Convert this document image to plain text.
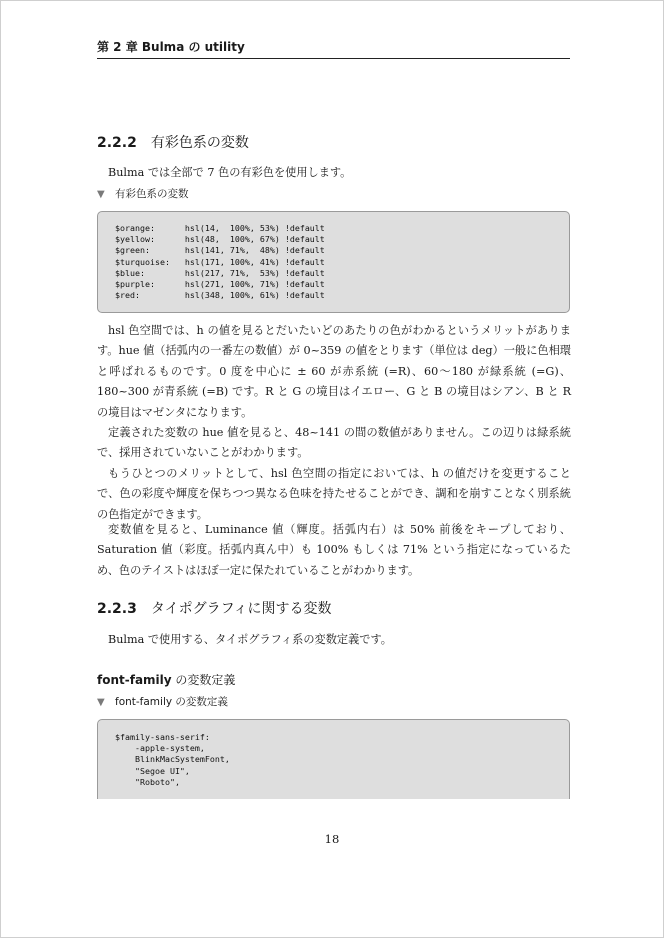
第 2 章 Bulma の utility
2.2.2 有彩色系の変数

Bulma では全部で 7 色の有彩色を使用します。

▼ 有彩色系の変数
$orange:      hsl(14,  100%, 53%) !default
$yellow:      hsl(48,  100%, 67%) !default
$green:       hsl(141, 71%,  48%) !default
$turquoise:   hsl(171, 100%, 41%) !default
$blue:        hsl(217, 71%,  53%) !default
$purple:      hsl(271, 100%, 71%) !default
$red:         hsl(348, 100%, 61%) !default

hsl 色空間では、h の値を見るとだいたいどのあたりの色がわかるというメリットがあります。hue 値（括弧内の一番左の数値）が 0~359 の値をとります（単位は deg）一般に色相環と呼ばれるものです。0 度を中心に ± 60 が赤系統 (=R)、60〜180 が緑系統 (=G)、180~300 が青系統 (=B) です。R と G の境目はイエロー、G と B の境目はシアン、B と R の境目はマゼンタになります。

定義された変数の hue 値を見ると、48~141 の間の数値がありません。この辺りは緑系統で、採用されていないことがわかります。

もうひとつのメリットとして、hsl 色空間の指定においては、h の値だけを変更することで、色の彩度や輝度を保ちつつ異なる色味を持たせることができ、調和を崩すことなく別系統の色指定ができます。

変数値を見ると、Luminance 値（輝度。括弧内右）は 50% 前後をキープしており、Saturation 値（彩度。括弧内真ん中）も 100% もしくは 71% という指定になっているため、色のテイストはほぼ一定に保たれていることがわかります。

2.2.3 タイポグラフィに関する変数

Bulma で使用する、タイポグラフィ系の変数定義です。

font-family の変数定義
▼ font-family の変数定義
$family-sans-serif:
-apple-system,
BlinkMacSystemFont,
"Segoe UI",
"Roboto",
18
